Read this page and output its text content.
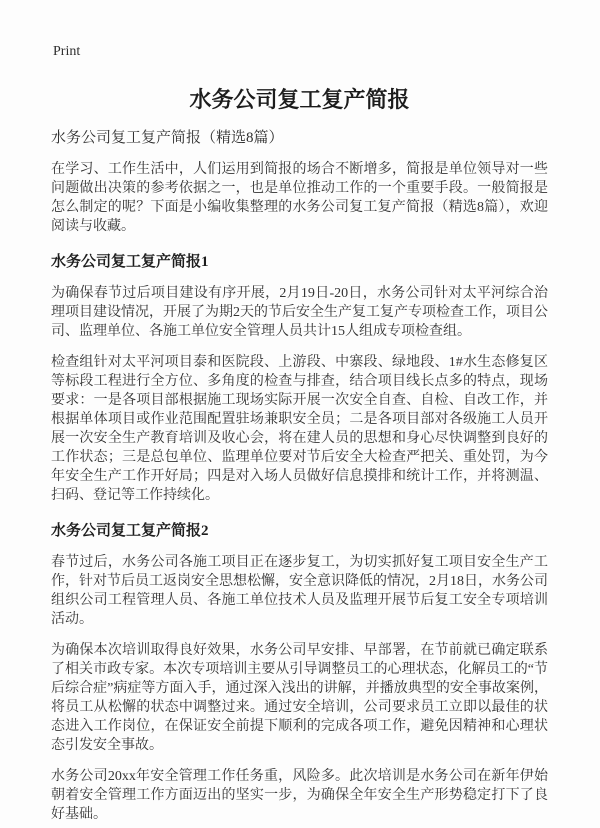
Print
水务公司复工复产简报
水务公司复工复产简报（精选8篇）

在学习、工作生活中，人们运用到简报的场合不断增多，简报是单位领导对一些问题做出决策的参考依据之一，也是单位推动工作的一个重要手段。一般简报是怎么制定的呢？下面是小编收集整理的水务公司复工复产简报（精选8篇），欢迎阅读与收藏。

水务公司复工复产简报1

为确保春节过后项目建设有序开展，2月19日-20日，水务公司针对太平河综合治理项目建设情况，开展了为期2天的节后安全生产复工复产专项检查工作，项目公司、监理单位、各施工单位安全管理人员共计15人组成专项检查组。

检查组针对太平河项目泰和医院段、上游段、中寨段、绿地段、1#水生态修复区等标段工程进行全方位、多角度的检查与排查，结合项目线长点多的特点，现场要求：一是各项目部根据施工现场实际开展一次安全自查、自检、自改工作，并根据单体项目或作业范围配置驻场兼职安全员；二是各项目部对各级施工人员开展一次安全生产教育培训及收心会，将在建人员的思想和身心尽快调整到良好的工作状态；三是总包单位、监理单位要对节后安全大检查严把关、重处罚，为今年安全生产工作开好局；四是对入场人员做好信息摸排和统计工作，并将测温、扫码、登记等工作持续化。

水务公司复工复产简报2

春节过后，水务公司各施工项目正在逐步复工，为切实抓好复工项目安全生产工作，针对节后员工返岗安全思想松懈，安全意识降低的情况，2月18日，水务公司组织公司工程管理人员、各施工单位技术人员及监理开展节后复工安全专项培训活动。

为确保本次培训取得良好效果，水务公司早安排、早部署，在节前就已确定联系了相关市政专家。本次专项培训主要从引导调整员工的心理状态，化解员工的“节后综合症”病症等方面入手，通过深入浅出的讲解，并播放典型的安全事故案例，将员工从松懈的状态中调整过来。通过安全培训，公司要求员工立即以最佳的状态进入工作岗位，在保证安全前提下顺利的完成各项工作，避免因精神和心理状态引发安全事故。

水务公司20xx年安全管理工作任务重，风险多。此次培训是水务公司在新年伊始朝着安全管理工作方面迈出的坚实一步，为确保全年安全生产形势稳定打下了良好基础。
